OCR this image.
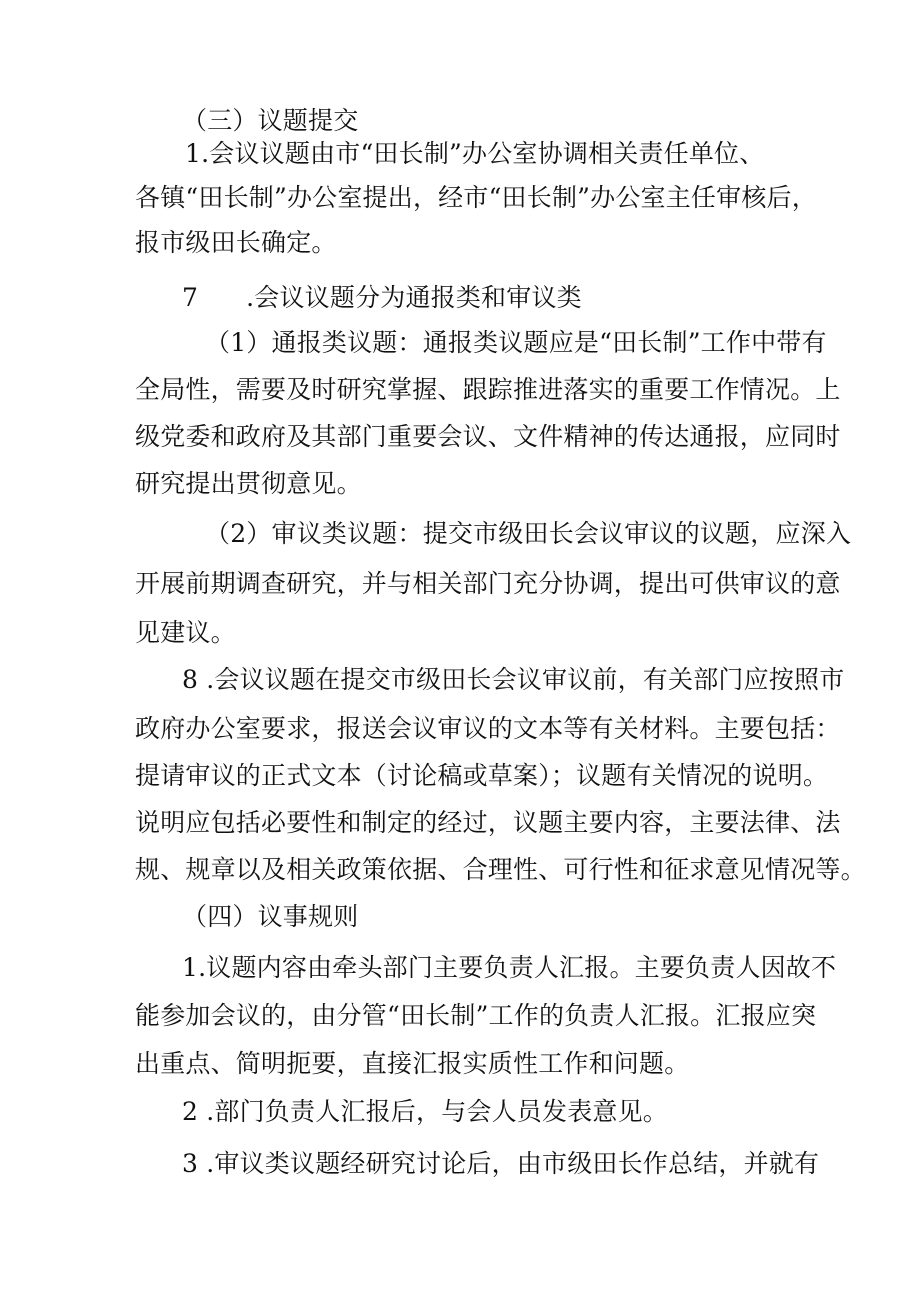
（三）议题提交
1.会议议题由市“田长制”办公室协调相关责任单位、
各镇“田长制”办公室提出，经市“田长制”办公室主任审核后，
报市级田长确定。
7 .会议议题分为通报类和审议类
（1）通报类议题：通报类议题应是“田长制”工作中带有
全局性，需要及时研究掌握、跟踪推进落实的重要工作情况。上
级党委和政府及其部门重要会议、文件精神的传达通报，应同时
研究提出贯彻意见。
（2）审议类议题：提交市级田长会议审议的议题，应深入
开展前期调查研究，并与相关部门充分协调，提出可供审议的意
见建议。
8 .会议议题在提交市级田长会议审议前，有关部门应按照市
政府办公室要求，报送会议审议的文本等有关材料。主要包括：
提请审议的正式文本（讨论稿或草案）；议题有关情况的说明。
说明应包括必要性和制定的经过，议题主要内容，主要法律、法
规、规章以及相关政策依据、合理性、可行性和征求意见情况等。
（四）议事规则
1.议题内容由牵头部门主要负责人汇报。主要负责人因故不
能参加会议的，由分管“田长制”工作的负责人汇报。汇报应突
出重点、简明扼要，直接汇报实质性工作和问题。
2 .部门负责人汇报后，与会人员发表意见。
3 .审议类议题经研究讨论后，由市级田长作总结，并就有
